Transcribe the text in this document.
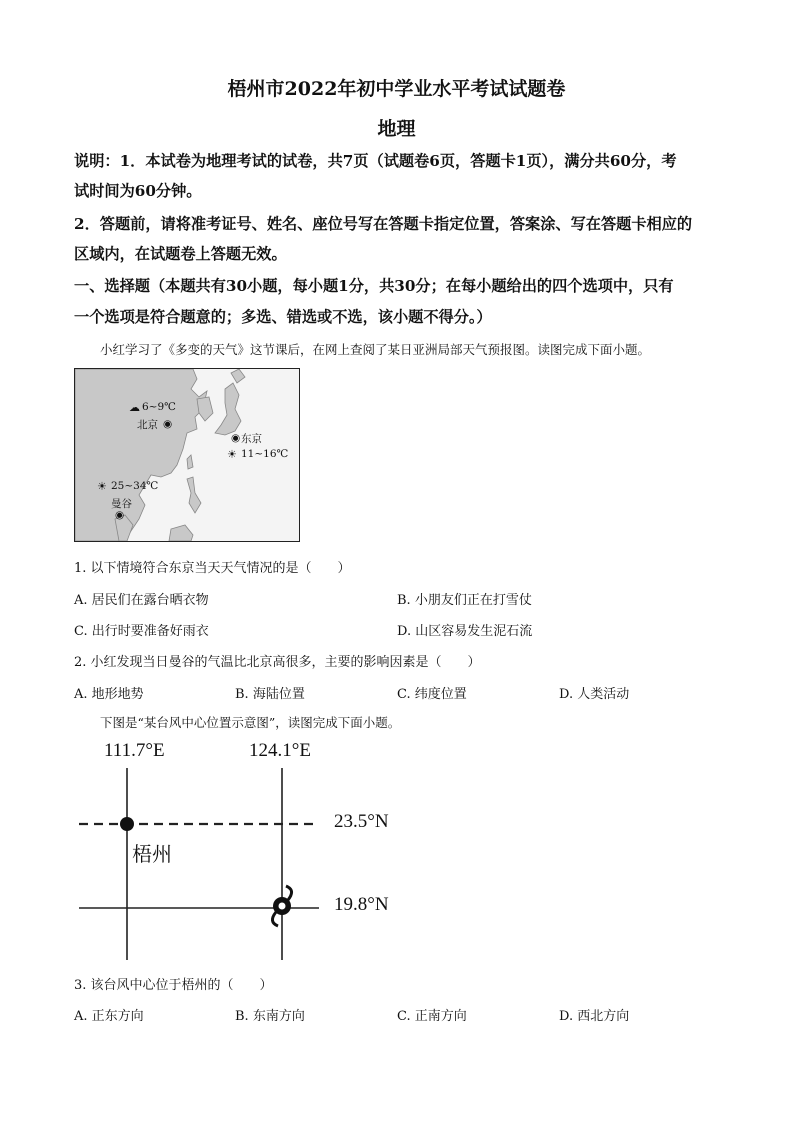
梧州市2022年初中学业水平考试试题卷
地理
说明：1．本试卷为地理考试的试卷，共7页（试题卷6页，答题卡1页），满分共60分，考
试时间为60分钟。
2．答题前，请将准考证号、姓名、座位号写在答题卡指定位置，答案涂、写在答题卡相应的
区域内，在试题卷上答题无效。
一、选择题（本题共有30小题，每小题1分，共30分；在每小题给出的四个选项中，只有
一个选项是符合题意的；多选、错选或不选，该小题不得分。）
小红学习了《多变的天气》这节课后，在网上查阅了某日亚洲局部天气预报图。读图完成下面小题。
☁ 6~9℃
北京 ◉
◉ 东京
☀ 11~16℃
☀ 25~34℃
曼谷
◉
1. 以下情境符合东京当天天气情况的是（　　）
A. 居民们在露台晒衣物	B. 小朋友们正在打雪仗
C. 出行时要准备好雨衣	D. 山区容易发生泥石流
2. 小红发现当日曼谷的气温比北京高很多，主要的影响因素是（　　）
A. 地形地势	B. 海陆位置	C. 纬度位置	D. 人类活动
下图是“某台风中心位置示意图”，读图完成下面小题。
111.7°E	124.1°E
23.5°N
19.8°N
梧州
3. 该台风中心位于梧州的（　　）
A. 正东方向	B. 东南方向	C. 正南方向	D. 西北方向
